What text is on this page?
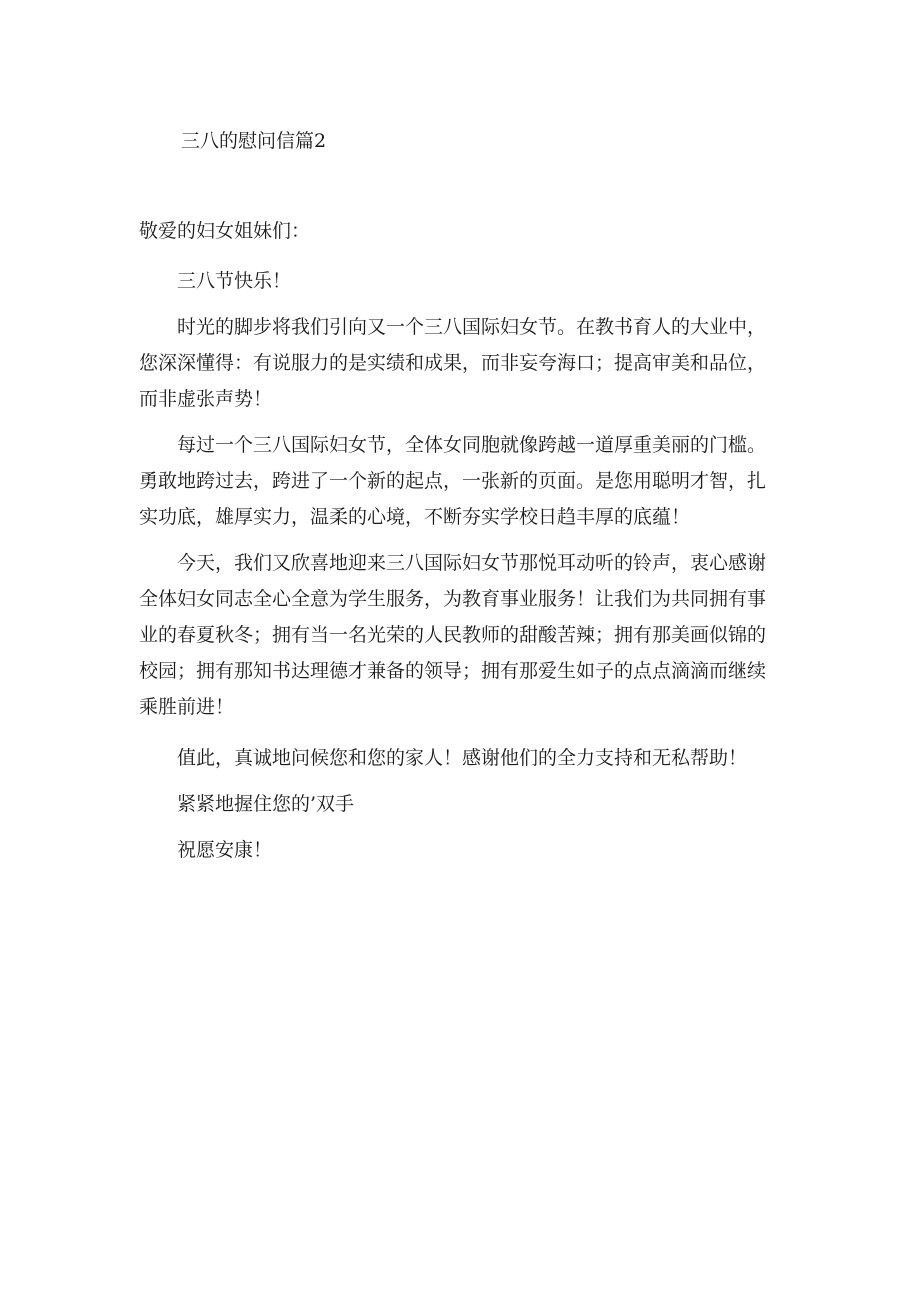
三八的慰问信篇2

敬爱的妇女姐妹们：

三八节快乐！

时光的脚步将我们引向又一个三八国际妇女节。在教书育人的大业中，您深深懂得：有说服力的是实绩和成果，而非妄夸海口；提高审美和品位，而非虚张声势！

每过一个三八国际妇女节，全体女同胞就像跨越一道厚重美丽的门槛。勇敢地跨过去，跨进了一个新的起点，一张新的页面。是您用聪明才智，扎实功底，雄厚实力，温柔的心境，不断夯实学校日趋丰厚的底蕴！

今天，我们又欣喜地迎来三八国际妇女节那悦耳动听的铃声，衷心感谢全体妇女同志全心全意为学生服务，为教育事业服务！让我们为共同拥有事业的春夏秋冬；拥有当一名光荣的人民教师的甜酸苦辣；拥有那美画似锦的校园；拥有那知书达理德才兼备的领导；拥有那爱生如子的点点滴滴而继续乘胜前进！

值此，真诚地问候您和您的家人！感谢他们的全力支持和无私帮助！

紧紧地握住您的’双手

祝愿安康！
